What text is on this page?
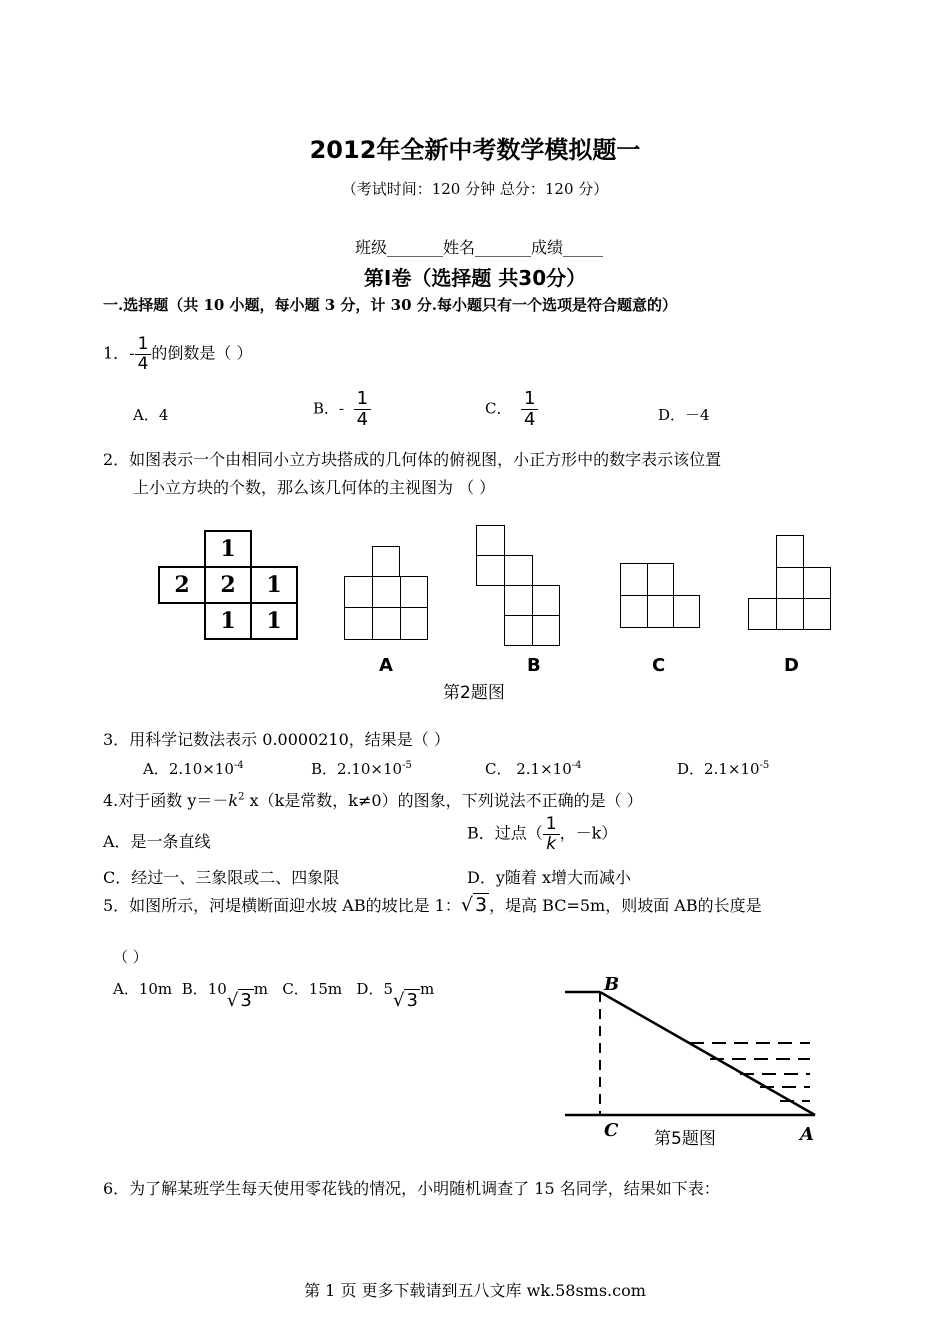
2012年全新中考数学模拟题一
（考试时间：120 分钟 总分：120 分）
班级_______姓名_______成绩_____
第Ⅰ卷（选择题 共30分）
一.选择题（共 10 小题，每小题 3 分，计 30 分.每小题只有一个选项是符合题意的）
1．- $\frac{1}{4}$ 的倒数是（ ）
A．4	B．- $\frac{1}{4}$	C． $\frac{1}{4}$	D．－4
2．如图表示一个由相同小立方块搭成的几何体的俯视图，小正方形中的数字表示该位置
上小立方块的个数，那么该几何体的主视图为 （ ）
1
2	2	1
1	1
A	B	C	D
第2题图
3．用科学记数法表示 0.0000210，结果是（ ）
A．$2.10\times 10^{-4}$	B．$2.10\times 10^{-5}$	C． $2.1\times 10^{-4}$	D．$2.1\times 10^{-5}$
4.对于函数 $y=-k^2$ x（k是常数，k≠0）的图象，下列说法不正确的是（ ）
A．是一条直线	B．过点（ $\frac{1}{k}$ ，－k）
C．经过一、三象限或二、四象限	D．y随着 x增大而减小
5．如图所示，河堤横断面迎水坡 AB的坡比是 1：√ 3 ，堤高 BC=5m，则坡面 AB的长度是
（ ）
A．10m B．10√ 3m C．15m D．5√ 3m	B
C	A
第5题图
6．为了解某班学生每天使用零花钱的情况，小明随机调查了 15 名同学，结果如下表：
第 1 页 更多下载请到五八文库 wk.58sms.com
